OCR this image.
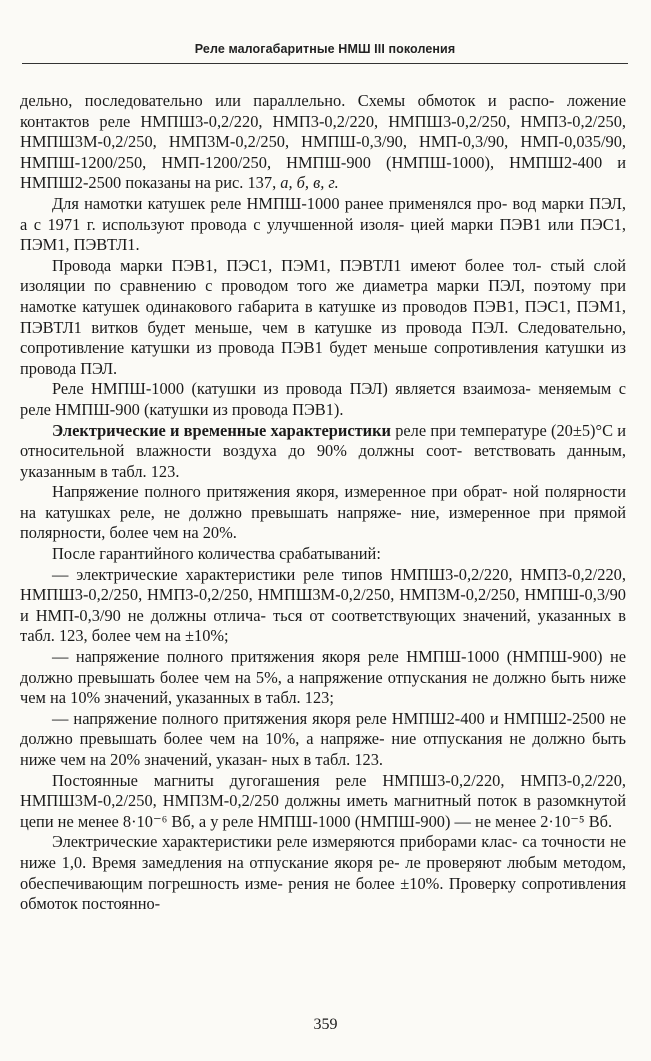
Реле малогабаритные НМШ III поколения

дельно, последовательно или параллельно. Схемы обмоток и распо- ложение контактов реле НМПШ3-0,2/220, НМП3-0,2/220, НМПШ3-0,2/250, НМП3-0,2/250, НМПШ3М-0,2/250, НМП3М-0,2/250, НМПШ-0,3/90, НМП-0,3/90, НМП-0,035/90, НМПШ-1200/250, НМП-1200/250, НМПШ-900 (НМПШ-1000), НМПШ2-400 и НМПШ2-2500 показаны на рис. 137, а, б, в, г.

Для намотки катушек реле НМПШ-1000 ранее применялся про- вод марки ПЭЛ, а с 1971 г. используют провода с улучшенной изоля- цией марки ПЭВ1 или ПЭС1, ПЭМ1, ПЭВТЛ1.

Провода марки ПЭВ1, ПЭС1, ПЭМ1, ПЭВТЛ1 имеют более тол- стый слой изоляции по сравнению с проводом того же диаметра марки ПЭЛ, поэтому при намотке катушек одинакового габарита в катушке из проводов ПЭВ1, ПЭС1, ПЭМ1, ПЭВТЛ1 витков будет меньше, чем в катушке из провода ПЭЛ. Следовательно, сопротивление катушки из провода ПЭВ1 будет меньше сопротивления катушки из провода ПЭЛ.

Реле НМПШ-1000 (катушки из провода ПЭЛ) является взаимоза- меняемым с реле НМПШ-900 (катушки из провода ПЭВ1).

Электрические и временные характеристики реле при температуре (20±5)°С и относительной влажности воздуха до 90% должны соот- ветствовать данным, указанным в табл. 123.

Напряжение полного притяжения якоря, измеренное при обрат- ной полярности на катушках реле, не должно превышать напряже- ние, измеренное при прямой полярности, более чем на 20%.

После гарантийного количества срабатываний:

— электрические характеристики реле типов НМПШ3-0,2/220, НМП3-0,2/220, НМПШ3-0,2/250, НМП3-0,2/250, НМПШ3М-0,2/250, НМП3М-0,2/250, НМПШ-0,3/90 и НМП-0,3/90 не должны отлича- ться от соответствующих значений, указанных в табл. 123, более чем на ±10%;

— напряжение полного притяжения якоря реле НМПШ-1000 (НМПШ-900) не должно превышать более чем на 5%, а напряжение отпускания не должно быть ниже чем на 10% значений, указанных в табл. 123;

— напряжение полного притяжения якоря реле НМПШ2-400 и НМПШ2-2500 не должно превышать более чем на 10%, а напряже- ние отпускания не должно быть ниже чем на 20% значений, указан- ных в табл. 123.

Постоянные магниты дугогашения реле НМПШ3-0,2/220, НМП3-0,2/220, НМПШ3М-0,2/250, НМП3М-0,2/250 должны иметь магнитный поток в разомкнутой цепи не менее 8·10⁻⁶ Вб, а у реле НМПШ-1000 (НМПШ-900) — не менее 2·10⁻⁵ Вб.

Электрические характеристики реле измеряются приборами клас- са точности не ниже 1,0. Время замедления на отпускание якоря ре- ле проверяют любым методом, обеспечивающим погрешность изме- рения не более ±10%. Проверку сопротивления обмоток постоянно-

359
